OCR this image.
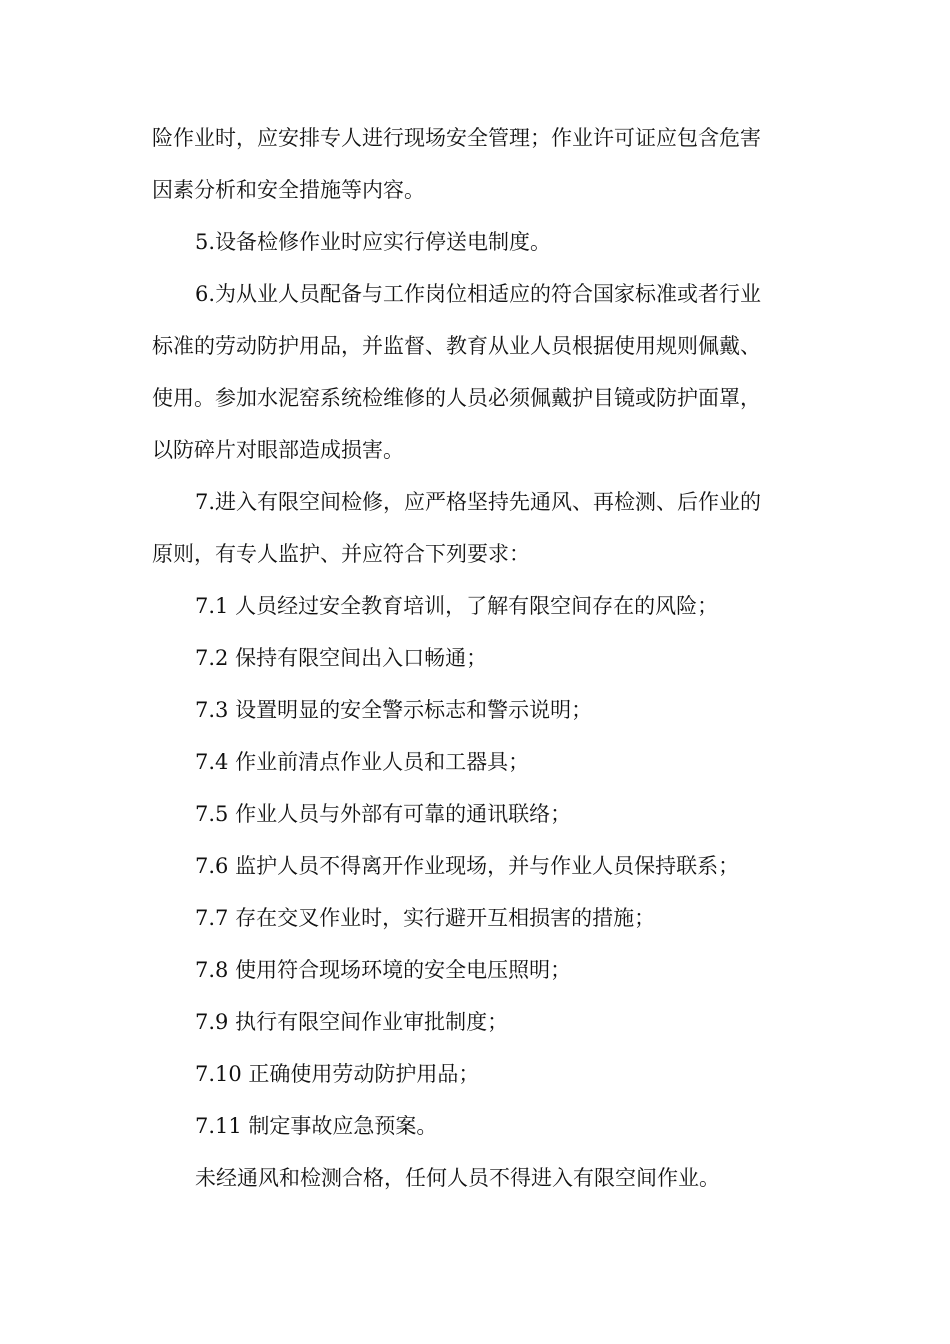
险作业时，应安排专人进行现场安全管理；作业许可证应包含危害
因素分析和安全措施等内容。
5.设备检修作业时应实行停送电制度。
6.为从业人员配备与工作岗位相适应的符合国家标准或者行业
标准的劳动防护用品，并监督、教育从业人员根据使用规则佩戴、
使用。参加水泥窑系统检维修的人员必须佩戴护目镜或防护面罩，
以防碎片对眼部造成损害。
7.进入有限空间检修，应严格坚持先通风、再检测、后作业的
原则，有专人监护、并应符合下列要求：
7.1 人员经过安全教育培训，了解有限空间存在的风险；
7.2 保持有限空间出入口畅通；
7.3 设置明显的安全警示标志和警示说明；
7.4 作业前清点作业人员和工器具；
7.5 作业人员与外部有可靠的通讯联络；
7.6 监护人员不得离开作业现场，并与作业人员保持联系；
7.7 存在交叉作业时，实行避开互相损害的措施；
7.8 使用符合现场环境的安全电压照明；
7.9 执行有限空间作业审批制度；
7.10 正确使用劳动防护用品；
7.11 制定事故应急预案。
未经通风和检测合格，任何人员不得进入有限空间作业。
